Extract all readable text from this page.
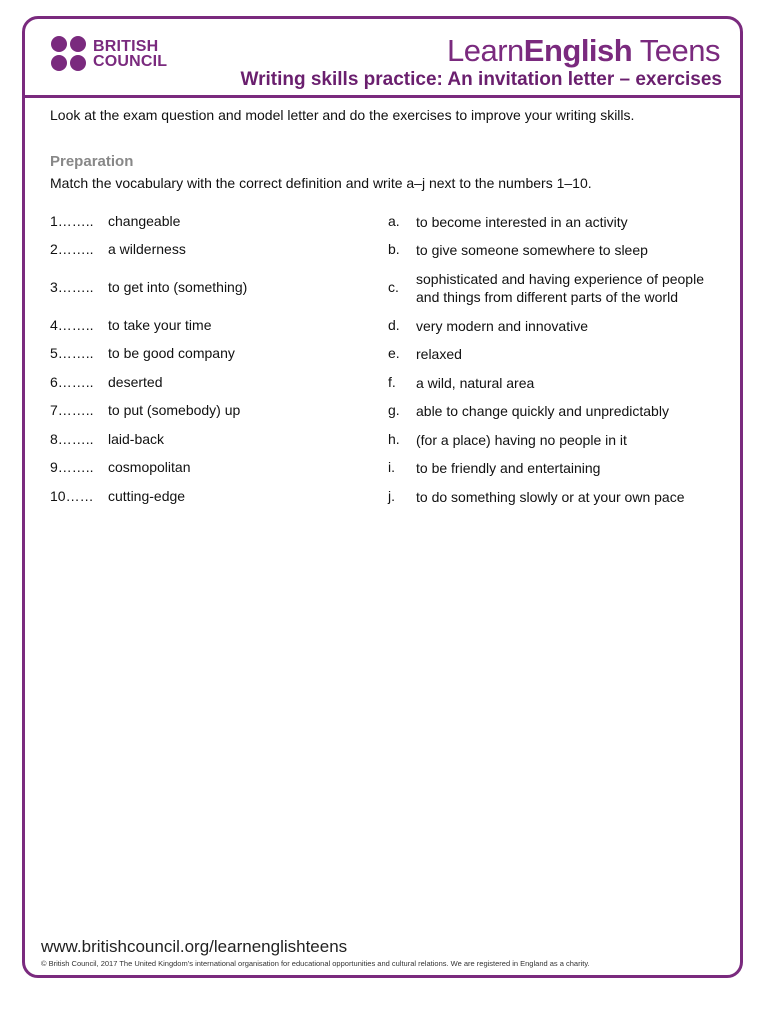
BRITISH
COUNCIL	LearnEnglish Teens
Writing skills practice: An invitation letter – exercises
Look at the exam question and model letter and do the exercises to improve your writing skills.
Preparation
Match the vocabulary with the correct definition and write a–j next to the numbers 1–10.
1…….. changeable	a. to become interested in an activity
2…….. a wilderness	b. to give someone somewhere to sleep
3…….. to get into (something)	c. sophisticated and having experience of people and things from different parts of the world
4…….. to take your time	d. very modern and innovative
5…….. to be good company	e. relaxed
6…….. deserted	f. a wild, natural area
7…….. to put (somebody) up	g. able to change quickly and unpredictably
8…….. laid-back	h. (for a place) having no people in it
9…….. cosmopolitan	i. to be friendly and entertaining
10…… cutting-edge	j. to do something slowly or at your own pace
www.britishcouncil.org/learnenglishteens
© British Council, 2017 The United Kingdom’s international organisation for educational opportunities and cultural relations. We are registered in England as a charity.
